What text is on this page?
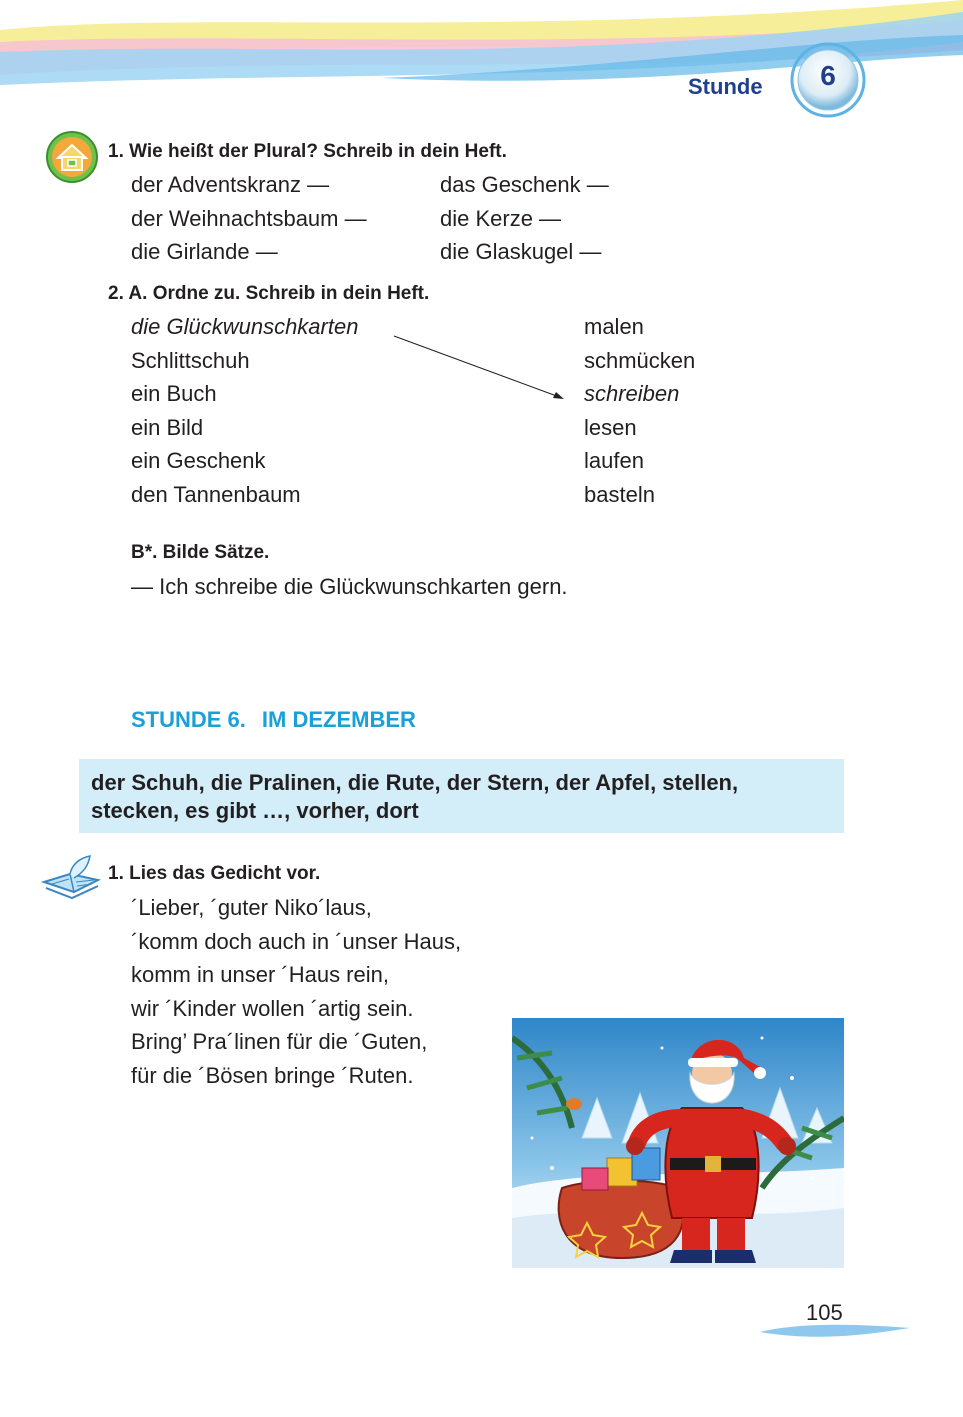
Stunde	6
1. Wie heißt der Plural? Schreib in dein Heft.
der Adventskranz —
der Weihnachtsbaum —
die Girlande —
das Geschenk —
die Kerze —
die Glaskugel —
2. A. Ordne zu. Schreib in dein Heft.
die Glückwunschkarten
Schlittschuh
ein Buch
ein Bild
ein Geschenk
den Tannenbaum
malen
schmücken
schreiben
lesen
laufen
basteln
B*. Bilde Sätze.
— Ich schreibe die Glückwunschkarten gern.
STUNDE 6. IM DEZEMBER
der Schuh, die Pralinen, die Rute, der Stern, der Apfel, stellen, stecken, es gibt …, vorher, dort
1. Lies das Gedicht vor.
´Lieber, ´guter Niko´laus,
´komm doch auch in ´unser Haus,
komm in unser ´Haus rein,
wir ´Kinder wollen ´artig sein.
Bring’ Pra´linen für die ´Guten,
für die ´Bösen bringe ´Ruten.
105
